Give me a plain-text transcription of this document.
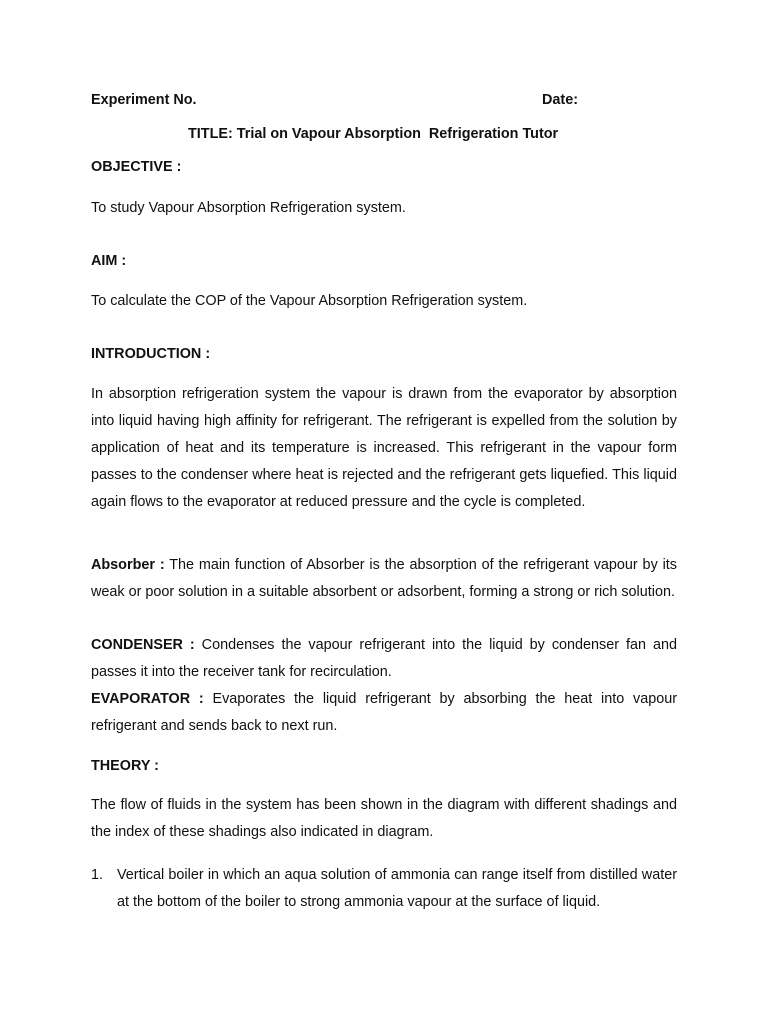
Experiment No.	Date:
TITLE: Trial on Vapour Absorption  Refrigeration Tutor
OBJECTIVE :
To study Vapour Absorption Refrigeration system.
AIM :
To calculate the COP of the Vapour Absorption Refrigeration system.
INTRODUCTION :

In absorption refrigeration system the vapour is drawn from the evaporator by absorption into liquid having high affinity for refrigerant. The refrigerant is expelled from the solution by application of heat and its temperature is increased. This refrigerant in the vapour form passes to the condenser where heat is rejected and the refrigerant gets liquefied. This liquid again flows to the evaporator at reduced pressure and the cycle is completed.

Absorber : The main function of Absorber is the absorption of the refrigerant vapour by its weak or poor solution in a suitable absorbent or adsorbent, forming a strong or rich solution.

CONDENSER : Condenses the vapour refrigerant into the liquid by condenser fan and passes it into the receiver tank for recirculation.

EVAPORATOR : Evaporates the liquid refrigerant by absorbing the heat into vapour refrigerant and sends back to next run.

THEORY :

The flow of fluids in the system has been shown in the diagram with different shadings and the index of these shadings also indicated in diagram.

1. Vertical boiler in which an aqua solution of ammonia can range itself from distilled water at the bottom of the boiler to strong ammonia vapour at the surface of liquid.
